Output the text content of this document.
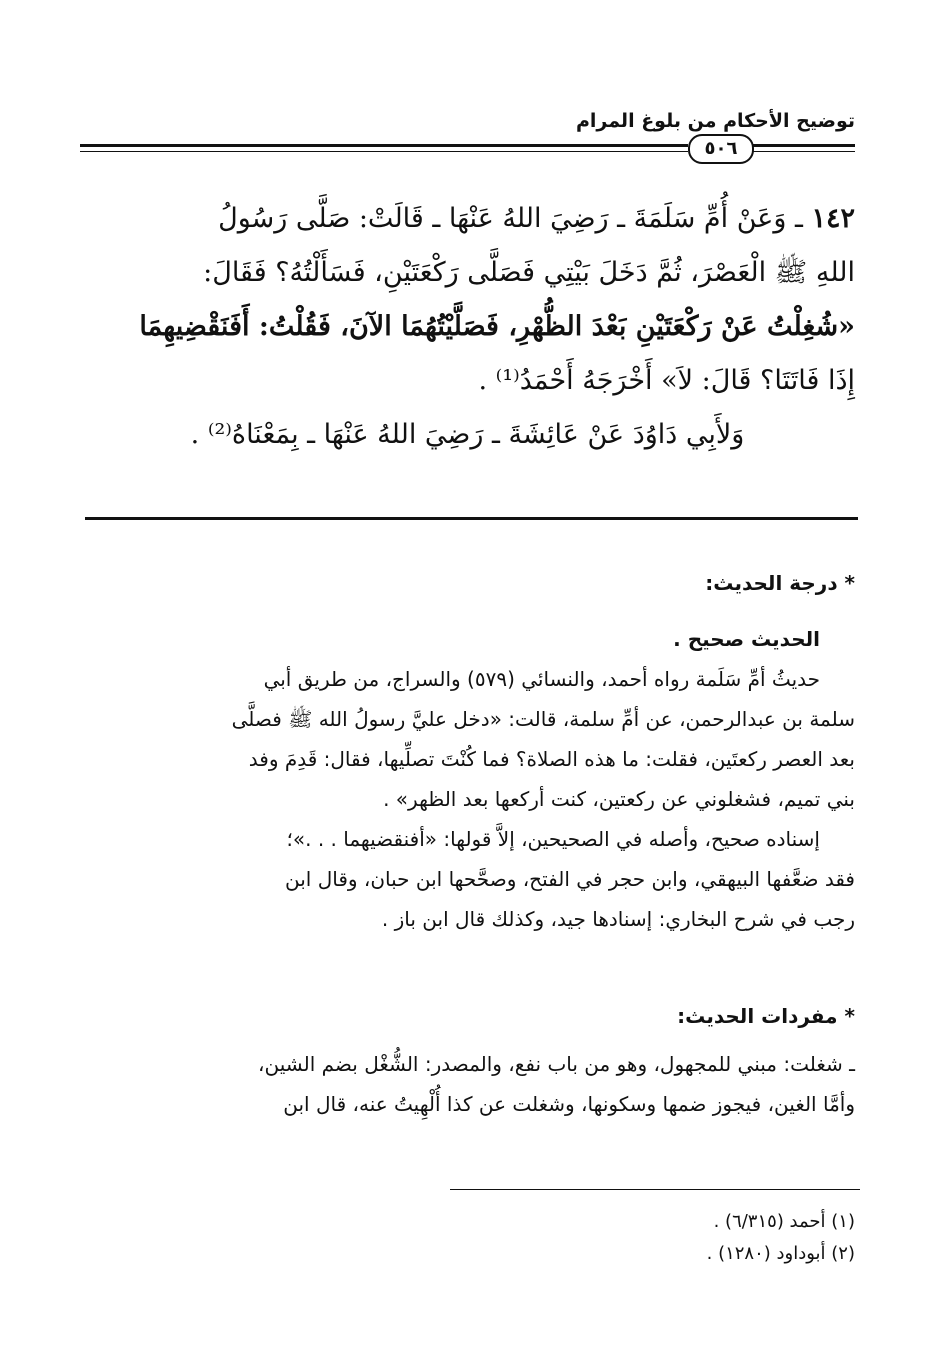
توضيح الأحكام من بلوغ المرام
٥٠٦

١٤٢ ـ وَعَنْ أُمِّ سَلَمَةَ ـ رَضِيَ اللهُ عَنْهَا ـ قَالَتْ: صَلَّى رَسُولُ

اللهِ ﷺ الْعَصْرَ، ثُمَّ دَخَلَ بَيْتِي فَصَلَّى رَكْعَتَيْنِ، فَسَأَلْتُهُ؟ فَقَالَ:

«شُغِلْتُ عَنْ رَكْعَتَيْنِ بَعْدَ الظُّهْرِ، فَصَلَّيْتُهُمَا الآنَ، فَقُلْتُ: أَفَنَقْضِيهِمَا

إِذَا فَاتَتَا؟ قَالَ: لاَ» أَخْرَجَهُ أَحْمَدُ⁽¹⁾ .

وَلأَبِي دَاوُدَ عَنْ عَائِشَةَ ـ رَضِيَ اللهُ عَنْهَا ـ بِمَعْنَاهُ⁽²⁾ .

* درجة الحديث:

الحديث صحيح .

حديثُ أمِّ سَلَمة رواه أحمد، والنسائي (٥٧٩) والسراج، من طريق أبي

سلمة بن عبدالرحمن، عن أمِّ سلمة، قالت: «دخل عليَّ رسولُ الله ﷺ فصلَّى

بعد العصر ركعتَين، فقلت: ما هذه الصلاة؟ فما كُنْتَ تصلِّيها، فقال: قَدِمَ وفد

بني تميم، فشغلوني عن ركعتين، كنت أركعها بعد الظهر» .

إسناده صحيح، وأصله في الصحيحين، إلاَّ قولها: «أفنقضيهما . . .»؛

فقد ضعَّفها البيهقي، وابن حجر في الفتح، وصحَّحها ابن حبان، وقال ابن

رجب في شرح البخاري: إسنادها جيد، وكذلك قال ابن باز .

* مفردات الحديث:

ـ شغلت: مبني للمجهول، وهو من باب نفع، والمصدر: الشُّغْل بضم الشين،

وأمَّا الغين، فيجوز ضمها وسكونها، وشغلت عن كذا أُلْهِيتُ عنه، قال ابن

(١) أحمد (٦/٣١٥) .
(٢) أبوداود (١٢٨٠) .
